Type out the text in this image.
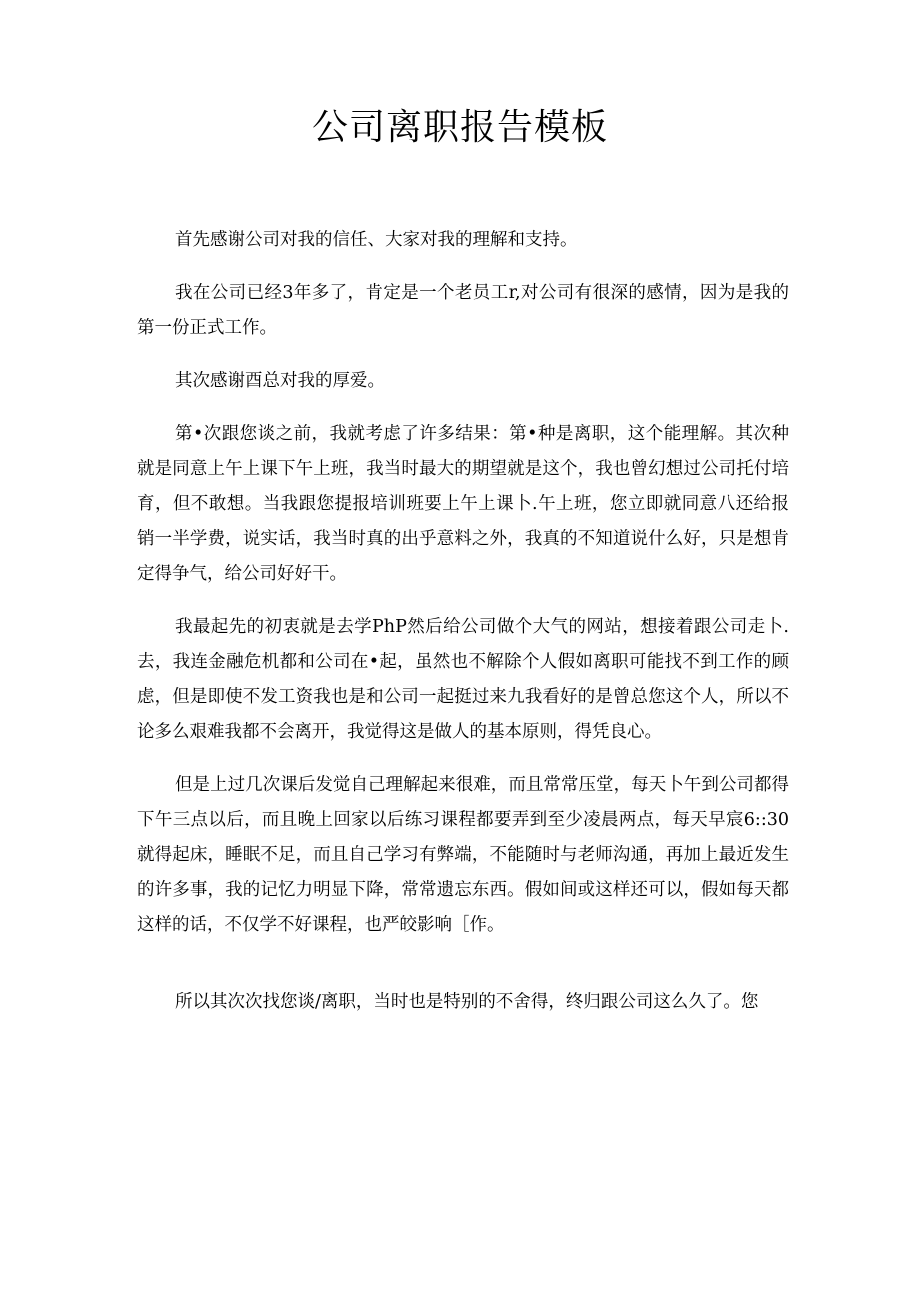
公司离职报告模板

首先感谢公司对我的信任、大家对我的理解和支持。

我在公司已经3年多了，肯定是一个老员工r,对公司有很深的感情，因为是我的第一份正式工作。

其次感谢酉总对我的厚爱。

第•次跟您谈之前，我就考虑了许多结果：第•种是离职，这个能理解。其次种就是同意上午上课下午上班，我当时最大的期望就是这个，我也曾幻想过公司托付培育，但不敢想。当我跟您提报培训班要上午上课卜.午上班，您立即就同意八还给报销一半学费，说实话，我当时真的出乎意料之外，我真的不知道说什么好，只是想肯定得争气，给公司好好干。

我最起先的初衷就是去学PhP然后给公司做个大气的网站，想接着跟公司走卜.去，我连金融危机都和公司在•起，虽然也不解除个人假如离职可能找不到工作的顾虑，但是即使不发工资我也是和公司一起挺过来九我看好的是曾总您这个人，所以不论多么艰难我都不会离开，我觉得这是做人的基本原则，得凭良心。

但是上过几次课后发觉自己理解起来很难，而且常常压堂，每天卜午到公司都得下午三点以后，而且晚上回家以后练习课程都要弄到至少凌晨两点，每天早宸6::30就得起床，睡眠不足，而且自己学习有弊端，不能随时与老师沟通，再加上最近发生的许多事，我的记忆力明显下降，常常遗忘东西。假如间或这样还可以，假如每天都这样的话，不仅学不好课程，也严皎影响［作。

所以其次次找您谈/离职，当时也是特别的不舍得，终归跟公司这么久了。您
